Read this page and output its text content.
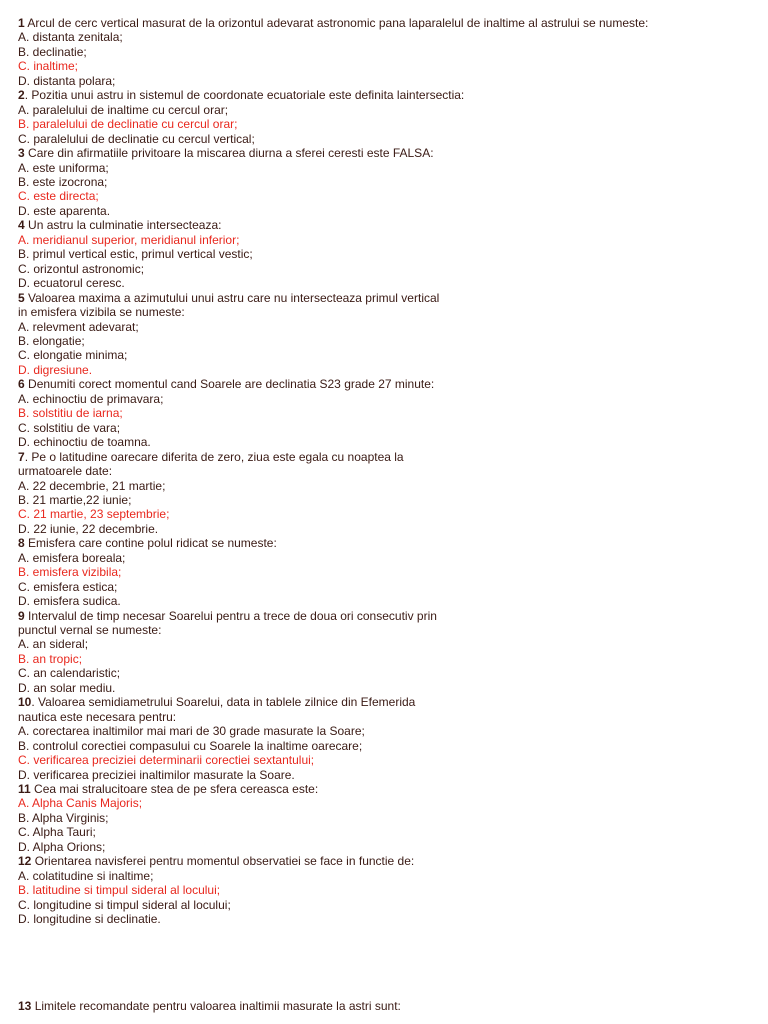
1 Arcul de cerc vertical masurat de la orizontul adevarat astronomic pana laparalelul de inaltime al astrului se numeste:
A. distanta zenitala;
B. declinatie;
C. inaltime;
D. distanta polara;
2. Pozitia unui astru in sistemul de coordonate ecuatoriale este definita laintersectia:
A. paralelului de inaltime cu cercul orar;
B. paralelului de declinatie cu cercul orar;
C. paralelului de declinatie cu cercul vertical;
3 Care din afirmatiile privitoare la miscarea diurna a sferei ceresti este FALSA:
A. este uniforma;
B. este izocrona;
C. este directa;
D. este aparenta.
4 Un astru la culminatie intersecteaza:
A. meridianul superior, meridianul inferior;
B. primul vertical estic, primul vertical vestic;
C. orizontul astronomic;
D. ecuatorul ceresc.
5 Valoarea maxima a azimutului unui astru care nu intersecteaza primul vertical
in emisfera vizibila se numeste:
A. relevment adevarat;
B. elongatie;
C. elongatie minima;
D. digresiune.
6 Denumiti corect momentul cand Soarele are declinatia S23 grade 27 minute:
A. echinoctiu de primavara;
B. solstitiu de iarna;
C. solstitiu de vara;
D. echinoctiu de toamna.
7. Pe o latitudine oarecare diferita de zero, ziua este egala cu noaptea la
urmatoarele date:
A. 22 decembrie, 21 martie;
B. 21 martie,22 iunie;
C. 21 martie, 23 septembrie;
D. 22 iunie, 22 decembrie.
8 Emisfera care contine polul ridicat se numeste:
A. emisfera boreala;
B. emisfera vizibila;
C. emisfera estica;
D. emisfera sudica.
9 Intervalul de timp necesar Soarelui pentru a trece de doua ori consecutiv prin
punctul vernal se numeste:
A. an sideral;
B. an tropic;
C. an calendaristic;
D. an solar mediu.
10. Valoarea semidiametrului Soarelui, data in tablele zilnice din Efemerida
nautica este necesara pentru:
A. corectarea inaltimilor mai mari de 30 grade masurate la Soare;
B. controlul corectiei compasului cu Soarele la inaltime oarecare;
C. verificarea preciziei determinarii corectiei sextantului;
D. verificarea preciziei inaltimilor masurate la Soare.
11 Cea mai stralucitoare stea de pe sfera cereasca este:
A. Alpha Canis Majoris;
B. Alpha Virginis;
C. Alpha Tauri;
D. Alpha Orions;
12 Orientarea navisferei pentru momentul observatiei se face in functie de:
A. colatitudine si inaltime;
B. latitudine si timpul sideral al locului;
C. longitudine si timpul sideral al locului;
D. longitudine si declinatie.
13 Limitele recomandate pentru valoarea inaltimii masurate la astri sunt:
